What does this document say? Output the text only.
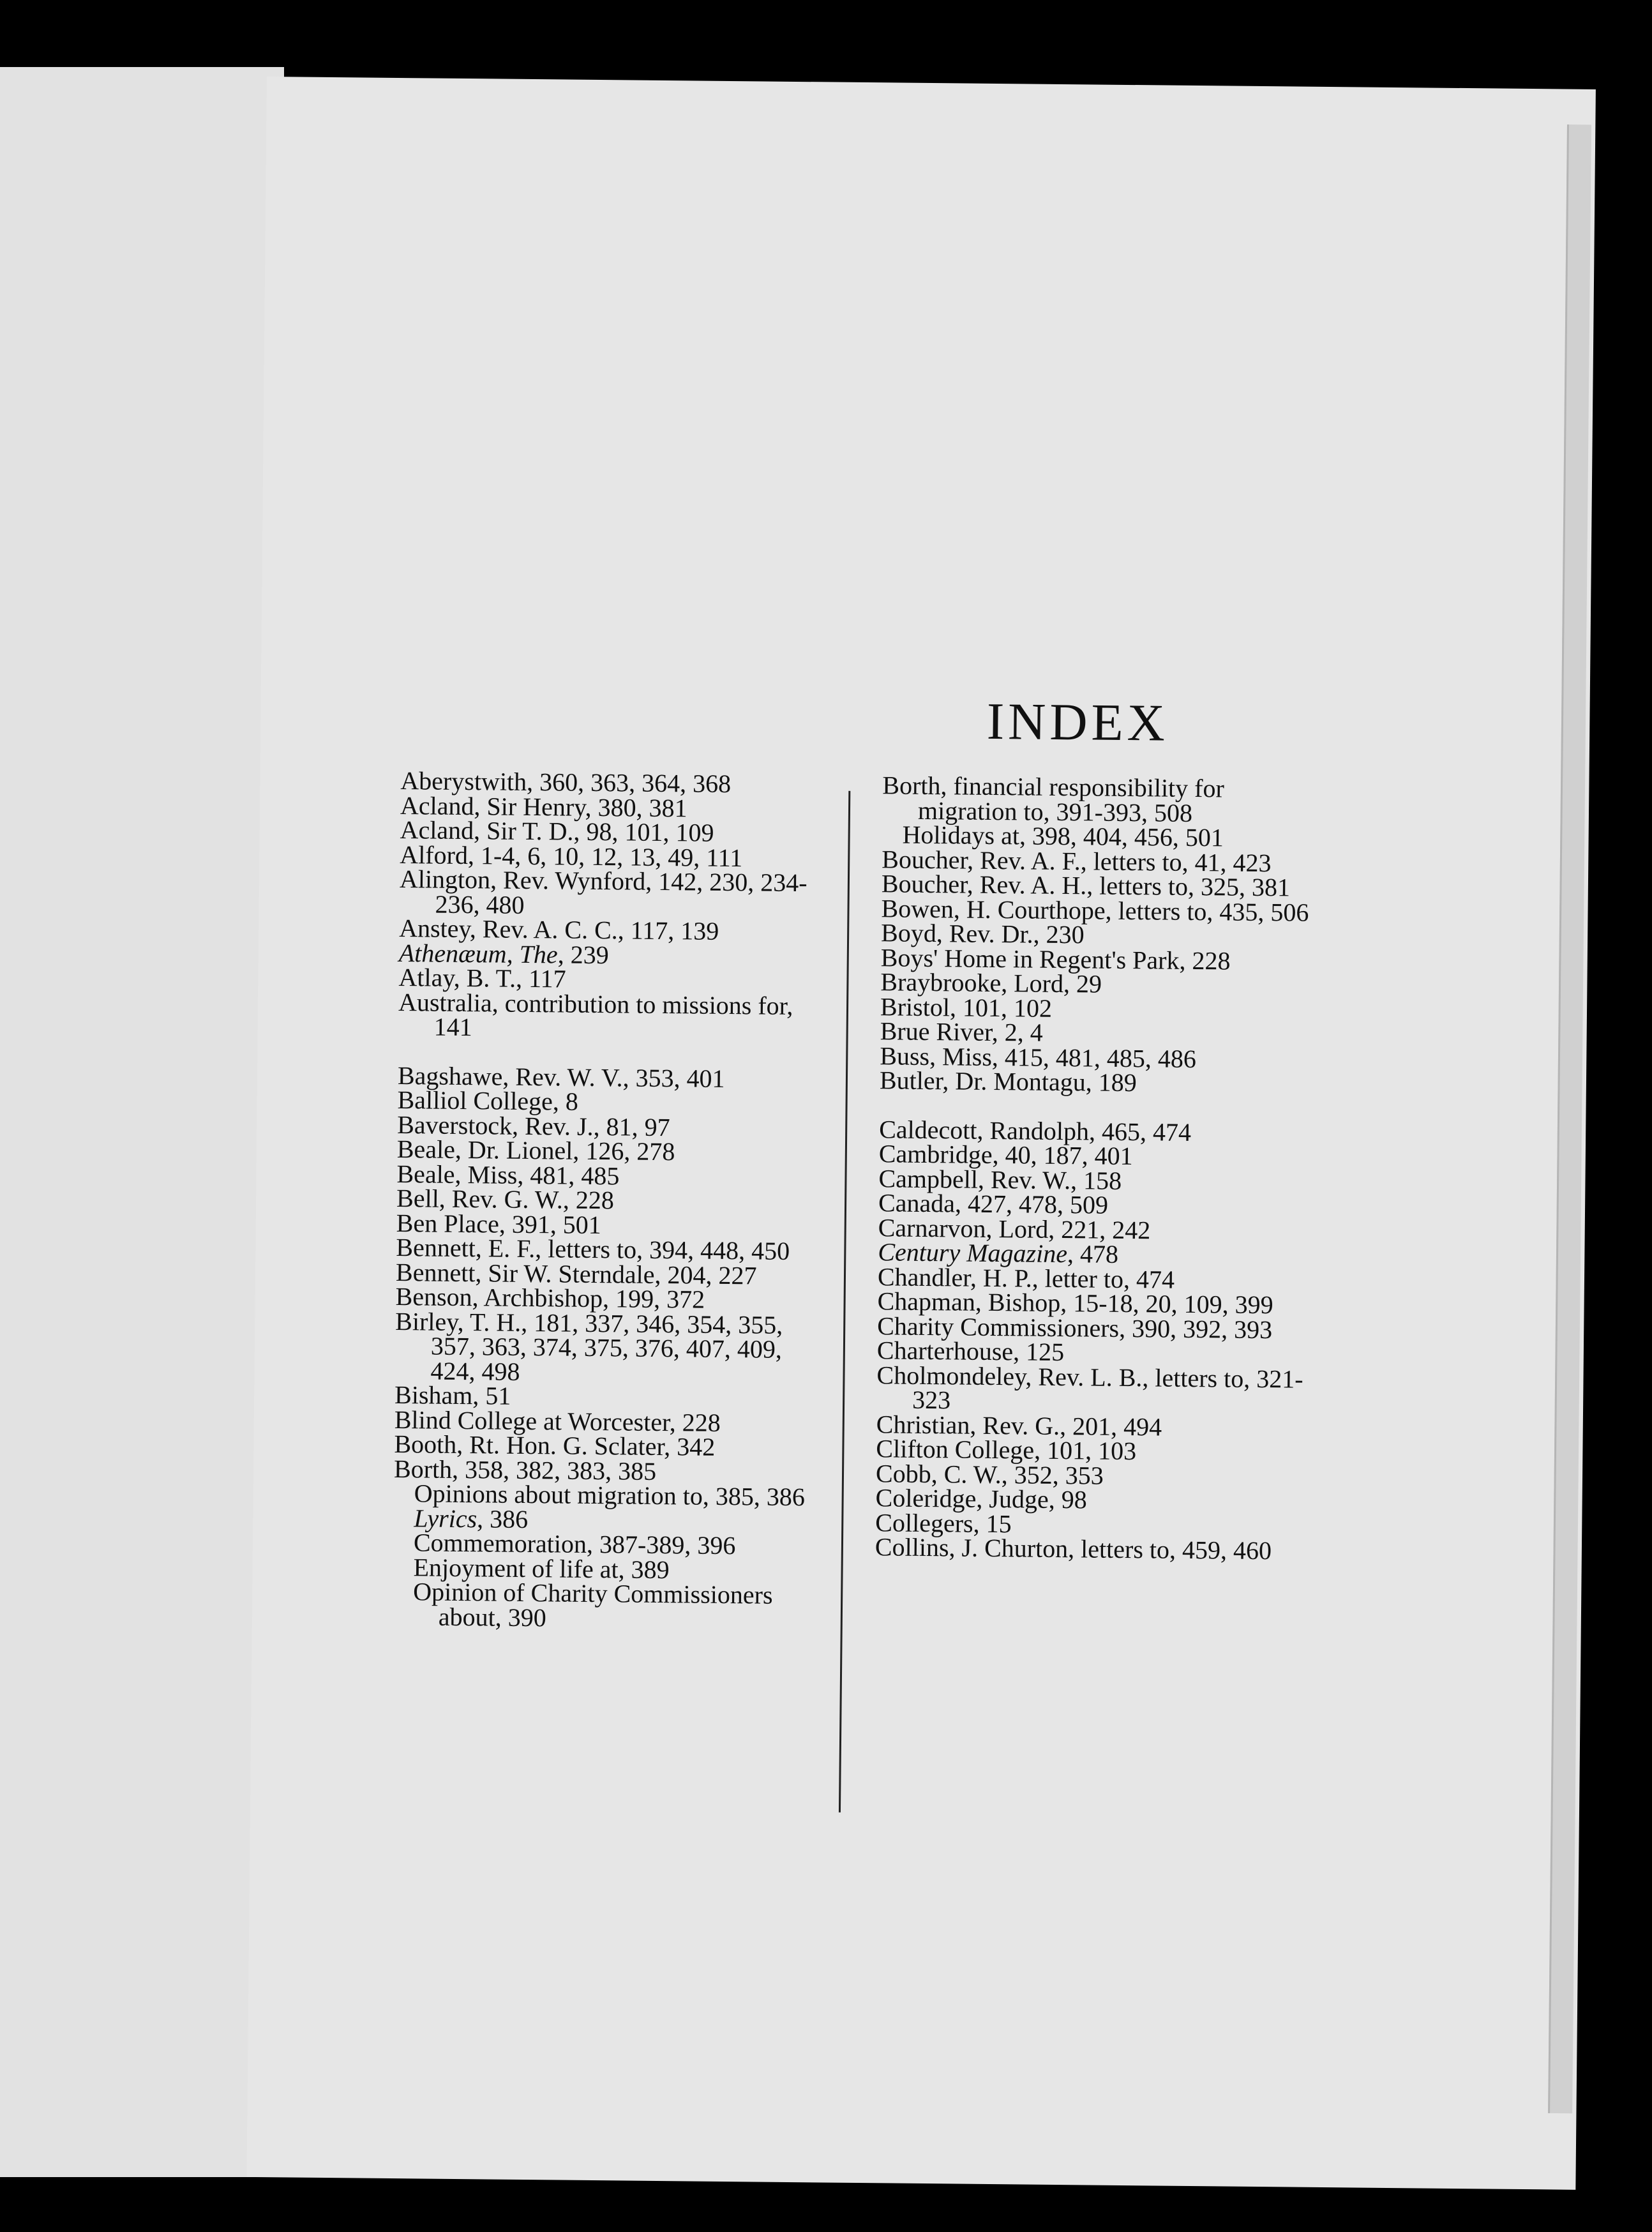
INDEX
Aberystwith, 360, 363, 364, 368
Acland, Sir Henry, 380, 381
Acland, Sir T. D., 98, 101, 109
Alford, 1-4, 6, 10, 12, 13, 49, 111
Alington, Rev. Wynford, 142, 230, 234-236, 480
Anstey, Rev. A. C. C., 117, 139
Athenæum, The, 239
Atlay, B. T., 117
Australia, contribution to missions for, 141
Bagshawe, Rev. W. V., 353, 401
Balliol College, 8
Baverstock, Rev. J., 81, 97
Beale, Dr. Lionel, 126, 278
Beale, Miss, 481, 485
Bell, Rev. G. W., 228
Ben Place, 391, 501
Bennett, E. F., letters to, 394, 448, 450
Bennett, Sir W. Sterndale, 204, 227
Benson, Archbishop, 199, 372
Birley, T. H., 181, 337, 346, 354, 355, 357, 363, 374, 375, 376, 407, 409, 424, 498
Bisham, 51
Blind College at Worcester, 228
Booth, Rt. Hon. G. Sclater, 342
Borth, 358, 382, 383, 385
Opinions about migration to, 385, 386
Lyrics, 386
Commemoration, 387-389, 396
Enjoyment of life at, 389
Opinion of Charity Commissioners about, 390
Borth, financial responsibility for migration to, 391-393, 508
Holidays at, 398, 404, 456, 501
Boucher, Rev. A. F., letters to, 41, 423
Boucher, Rev. A. H., letters to, 325, 381
Bowen, H. Courthope, letters to, 435, 506
Boyd, Rev. Dr., 230
Boys' Home in Regent's Park, 228
Braybrooke, Lord, 29
Bristol, 101, 102
Brue River, 2, 4
Buss, Miss, 415, 481, 485, 486
Butler, Dr. Montagu, 189
Caldecott, Randolph, 465, 474
Cambridge, 40, 187, 401
Campbell, Rev. W., 158
Canada, 427, 478, 509
Carnarvon, Lord, 221, 242
Century Magazine, 478
Chandler, H. P., letter to, 474
Chapman, Bishop, 15-18, 20, 109, 399
Charity Commissioners, 390, 392, 393
Charterhouse, 125
Cholmondeley, Rev. L. B., letters to, 321-323
Christian, Rev. G., 201, 494
Clifton College, 101, 103
Cobb, C. W., 352, 353
Coleridge, Judge, 98
Collegers, 15
Collins, J. Churton, letters to, 459, 460
